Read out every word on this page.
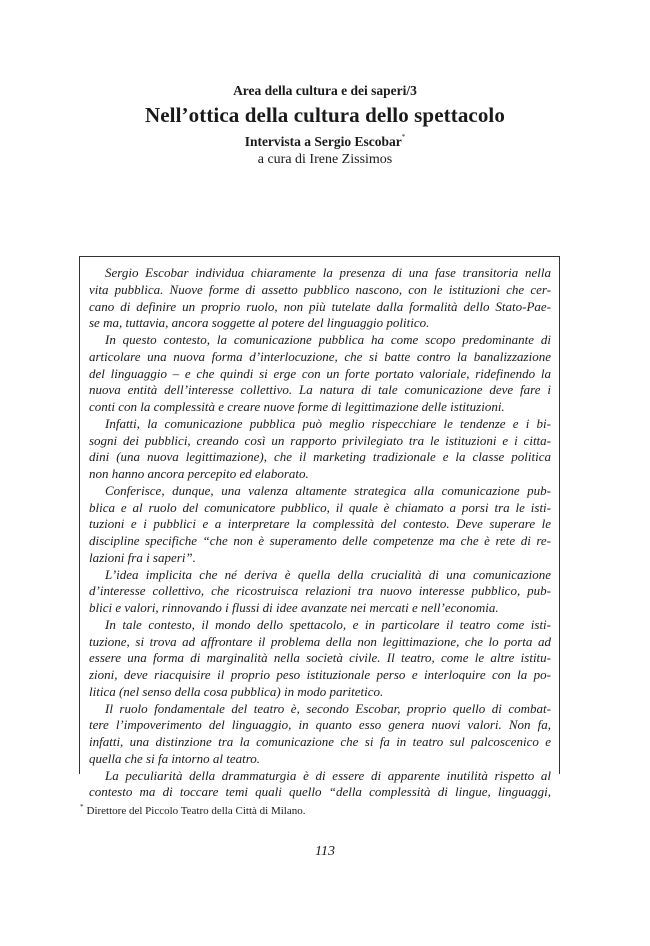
Area della cultura e dei saperi/3
Nell’ottica della cultura dello spettacolo
Intervista a Sergio Escobar*
a cura di Irene Zissimos
Sergio Escobar individua chiaramente la presenza di una fase transitoria nella
vita pubblica. Nuove forme di assetto pubblico nascono, con le istituzioni che cer-
cano di definire un proprio ruolo, non più tutelate dalla formalità dello Stato-Pae-
se ma, tuttavia, ancora soggette al potere del linguaggio politico.
In questo contesto, la comunicazione pubblica ha come scopo predominante di
articolare una nuova forma d’interlocuzione, che si batte contro la banalizzazione
del linguaggio – e che quindi si erge con un forte portato valoriale, ridefinendo la
nuova entità dell’interesse collettivo. La natura di tale comunicazione deve fare i
conti con la complessità e creare nuove forme di legittimazione delle istituzioni.
Infatti, la comunicazione pubblica può meglio rispecchiare le tendenze e i bi-
sogni dei pubblici, creando così un rapporto privilegiato tra le istituzioni e i citta-
dini (una nuova legittimazione), che il marketing tradizionale e la classe politica
non hanno ancora percepito ed elaborato.
Conferisce, dunque, una valenza altamente strategica alla comunicazione pub-
blica e al ruolo del comunicatore pubblico, il quale è chiamato a porsi tra le isti-
tuzioni e i pubblici e a interpretare la complessità del contesto. Deve superare le
discipline specifiche “che non è superamento delle competenze ma che è rete di re-
lazioni fra i saperi”.
L’idea implicita che né deriva è quella della crucialità di una comunicazione
d’interesse collettivo, che ricostruisca relazioni tra nuovo interesse pubblico, pub-
blici e valori, rinnovando i flussi di idee avanzate nei mercati e nell’economia.
In tale contesto, il mondo dello spettacolo, e in particolare il teatro come isti-
tuzione, si trova ad affrontare il problema della non legittimazione, che lo porta ad
essere una forma di marginalità nella società civile. Il teatro, come le altre istitu-
zioni, deve riacquisire il proprio peso istituzionale perso e interloquire con la po-
litica (nel senso della cosa pubblica) in modo paritetico.
Il ruolo fondamentale del teatro è, secondo Escobar, proprio quello di combat-
tere l’impoverimento del linguaggio, in quanto esso genera nuovi valori. Non fa,
infatti, una distinzione tra la comunicazione che si fa in teatro sul palcoscenico e
quella che si fa intorno al teatro.
La peculiarità della drammaturgia è di essere di apparente inutilità rispetto al
contesto ma di toccare temi quali quello “della complessità di lingue, linguaggi,
* Direttore del Piccolo Teatro della Città di Milano.
113
